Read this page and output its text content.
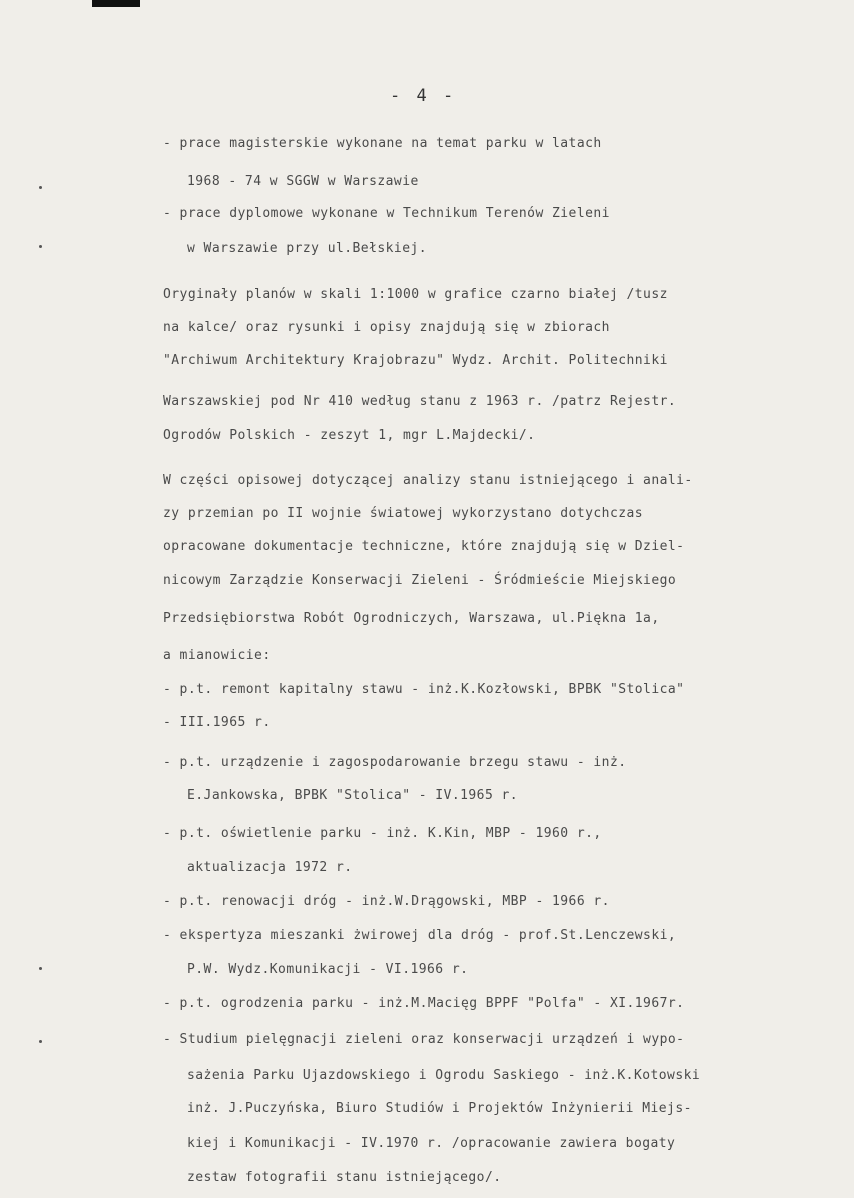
- 4 -
- prace magisterskie wykonane na temat parku w latach
1968 - 74 w SGGW w Warszawie
- prace dyplomowe wykonane w Technikum Terenów Zieleni
w Warszawie przy ul.Bełskiej.
Oryginały planów w skali 1:1000 w grafice czarno białej /tusz
na kalce/ oraz rysunki i opisy znajdują się w zbiorach
"Archiwum Architektury Krajobrazu" Wydz. Archit. Politechniki
Warszawskiej pod Nr 410 według stanu z 1963 r. /patrz Rejestr.
Ogrodów Polskich - zeszyt 1, mgr L.Majdecki/.
W części opisowej dotyczącej analizy stanu istniejącego i anali-
zy przemian po II wojnie światowej wykorzystano dotychczas
opracowane dokumentacje techniczne, które znajdują się w Dziel-
nicowym Zarządzie Konserwacji Zieleni - Śródmieście Miejskiego
Przedsiębiorstwa Robót Ogrodniczych, Warszawa, ul.Piękna 1a,
a mianowicie:
- p.t. remont kapitalny stawu - inż.K.Kozłowski, BPBK "Stolica"
- III.1965 r.
- p.t. urządzenie i zagospodarowanie brzegu stawu - inż.
E.Jankowska, BPBK "Stolica" - IV.1965 r.
- p.t. oświetlenie parku - inż. K.Kin, MBP - 1960 r.,
aktualizacja 1972 r.
- p.t. renowacji dróg - inż.W.Drągowski, MBP - 1966 r.
- ekspertyza mieszanki żwirowej dla dróg - prof.St.Lenczewski,
P.W. Wydz.Komunikacji - VI.1966 r.
- p.t. ogrodzenia parku - inż.M.Macięg BPPF "Polfa" - XI.1967r.
- Studium pielęgnacji zieleni oraz konserwacji urządzeń i wypo-
sażenia Parku Ujazdowskiego i Ogrodu Saskiego - inż.K.Kotowski
inż. J.Puczyńska, Biuro Studiów i Projektów Inżynierii Miejs-
kiej i Komunikacji - IV.1970 r. /opracowanie zawiera bogaty
zestaw fotografii stanu istniejącego/.
